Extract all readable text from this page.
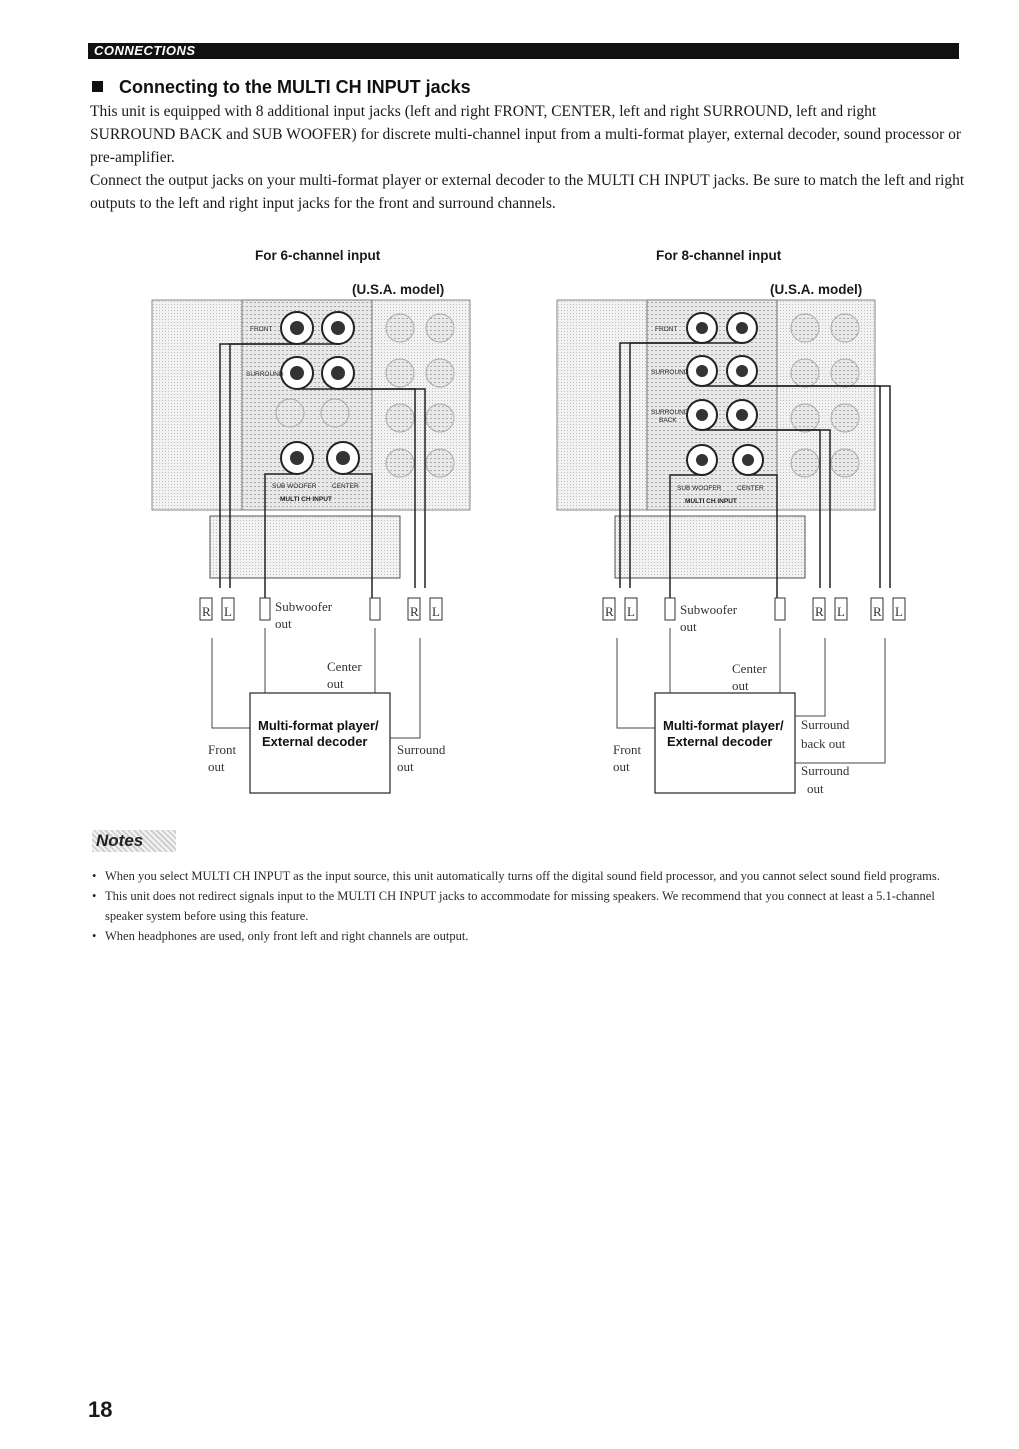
CONNECTIONS
Connecting to the MULTI CH INPUT jacks

This unit is equipped with 8 additional input jacks (left and right FRONT, CENTER, left and right SURROUND, left and right SURROUND BACK and SUB WOOFER) for discrete multi-channel input from a multi-format player, external decoder, sound processor or pre-amplifier.

Connect the output jacks on your multi-format player or external decoder to the MULTI CH INPUT jacks. Be sure to match the left and right outputs to the left and right input jacks for the front and surround channels.

For 6-channel input
(U.S.A. model)
For 8-channel input
(U.S.A. model)
FRONT
SURROUND
SUB WOOFER CENTER
MULTI CH INPUT
R L	R L
Subwoofer
out
Center
out
Multi-format player/
External decoder
Front
out
Surround
out
FRONT
SURROUND
SURROUND
BACK
SUB WOOFER CENTER
MULTI CH INPUT
R L	R L R L
Subwoofer
out
Center
out
Multi-format player/
External decoder
Front
out
Surround
back out
Surround
out
Notes
• When you select MULTI CH INPUT as the input source, this unit automatically turns off the digital sound field processor, and you cannot select sound field programs.
• This unit does not redirect signals input to the MULTI CH INPUT jacks to accommodate for missing speakers. We recommend that you connect at least a 5.1-channel speaker system before using this feature.
• When headphones are used, only front left and right channels are output.
18
